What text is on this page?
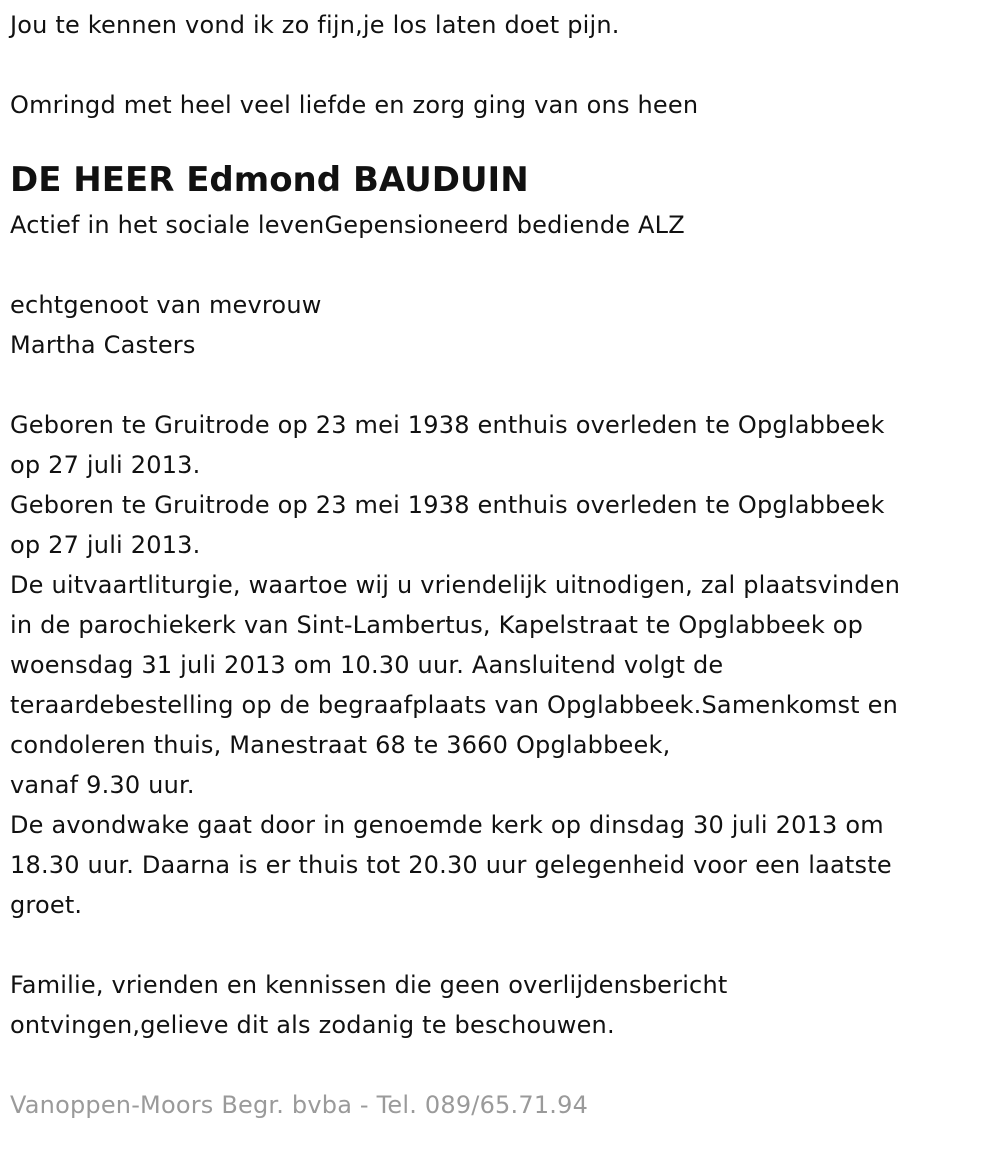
Jou te kennen vond ik zo fijn,je los laten doet pijn.
Omringd met heel veel liefde en zorg ging van ons heen
DE HEER Edmond BAUDUIN
Actief in het sociale levenGepensioneerd bediende ALZ
echtgenoot van mevrouw
Martha Casters
Geboren te Gruitrode op 23 mei 1938 enthuis overleden te Opglabbeek
op 27 juli 2013.
Geboren te Gruitrode op 23 mei 1938 enthuis overleden te Opglabbeek
op 27 juli 2013.
De uitvaartliturgie, waartoe wij u vriendelijk uitnodigen, zal plaatsvinden
in de parochiekerk van Sint-Lambertus, Kapelstraat te Opglabbeek op
woensdag 31 juli 2013 om 10.30 uur. Aansluitend volgt de
teraardebestelling op de begraafplaats van Opglabbeek.Samenkomst en
condoleren thuis, Manestraat 68 te 3660 Opglabbeek,
vanaf 9.30 uur.
De avondwake gaat door in genoemde kerk op dinsdag 30 juli 2013 om
18.30 uur. Daarna is er thuis tot 20.30 uur gelegenheid voor een laatste
groet.
Familie, vrienden en kennissen die geen overlijdensbericht
ontvingen,gelieve dit als zodanig te beschouwen.
Vanoppen-Moors Begr. bvba - Tel. 089/65.71.94
